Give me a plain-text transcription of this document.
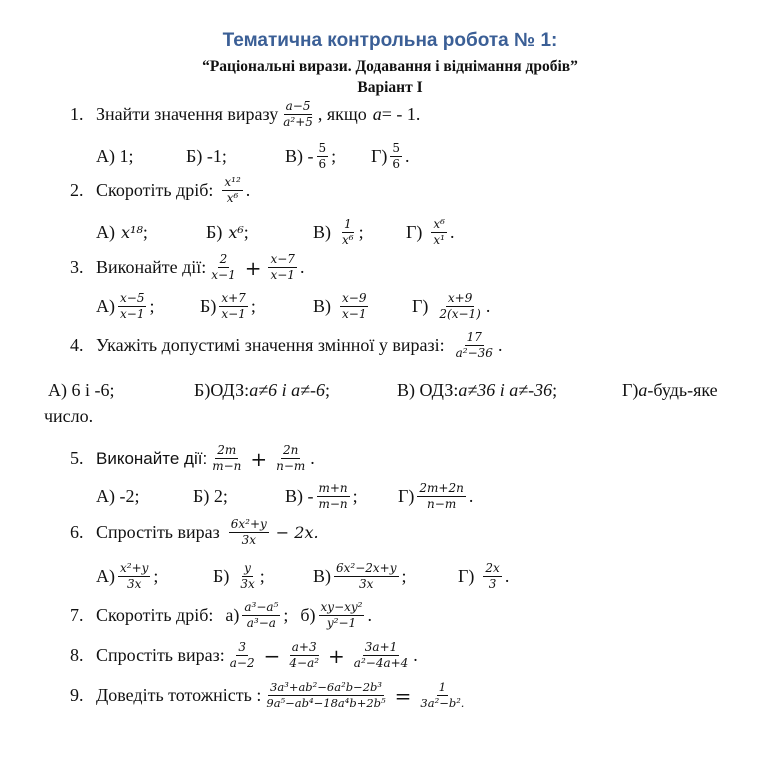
Тематична контрольна робота № 1:
“Раціональні вирази. Додавання і віднімання дробів”
Варіант І
1. Знайти значення виразу $\frac{a-5}{\text{a²+5}}$ , якщо a = - 1.
А) 1;	Б) -1;	$В) - \frac{5}{6}$ ; $Г) \frac{5}{6}$ .
2. Скоротіть дріб: $\frac{\text{x¹²}}{\text{x⁶}}$ .
А) x¹⁸ ;	Б) x⁶ ;	$В) \frac{1}{\text{x⁶}}$ ; $Г) \frac{\text{x⁶}}{\text{x¹}}$ .
3. Виконайте дії: $\frac{2}{x-1} + \frac{x-7}{x-1}$ .
$А) \frac{x-5}{x-1}$ ;	$Б) \frac{x+7}{x-1}$ ;	$В) \frac{x-9}{x-1} Г) \frac{x+9}{2(x-1)}$ .
4. Укажіть допустимі значення змінної у виразі: $\frac{17}{\text{a²−36}}$ .
А) 6 і -6;	Б)ОДЗ: a≠6 і a≠-6 ;	В) ОДЗ: a≠36 і a≠-36 ;	Г) a -будь-яке
число.
5. Виконайте дії: $\frac{2m}{m-n} + \frac{2n}{n-m}$ .
А) -2;	Б) 2;	$В) - \frac{m+n}{m-n}$ ; $Г) \frac{2m+2n}{n-m}$ .
6. Спростіть вираз $\frac{\text{6x²+y}}{3x} - 2x$.
$А) \frac{\text{x²+y}}{3x}$ ;	$Б) \frac{y}{3x}$ ;	$В) \frac{\text{6x²−2x+y}}{3x}$ ;	$Г) \frac{2x}{3}$ .
7. Скоротіть дріб: $а) \frac{\text{a³−a⁵}}{\text{a³−a}}$ ; $б) \frac{\text{xy−xy²}}{\text{y²−1}}$ .
8. Спростіть вираз: $\frac{3}{a-2} - \frac{a+3}{\text{4−a²}} + \frac{3a+1}{\text{a²−4a+4}}$ .
9. Доведіть тотожність : $\frac{\text{3a³+ab²−6a²b−2b³}}{\text{9a⁵−ab⁴−18a⁴b+2b⁵}} = \frac{1}{\text{3a²−b².}}$
